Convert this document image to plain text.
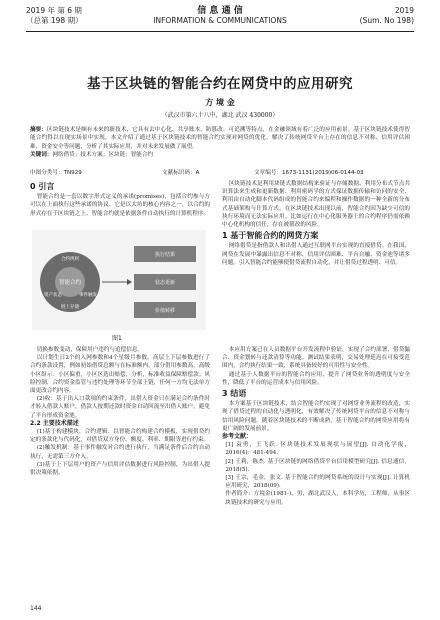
2019 年 第 6 期
（总第 198 期）
信 息 通 信
INFORMATION & COMMUNICATIONS
2019
(Sum. No 198)
基于区块链的智能合约在网贷中的应用研究
方 境 金
（武汉市第六十八中，湖北 武汉 430000）
摘要：区块链技术是颇有未来的新技术，它具有去中心化、共享账本、防篡改、可追溯等特点，在金融领域有着广泛的应用前景。基于区块链技术使得智能合约得以在现实场景中实现。本文介绍了通过基于区块链技术的智能合约实现对网贷的优化，解决了传统网贷平台上存在的信息不对称、信用评估困难、资金安全等问题，分析了其实际应用，并对未来发展做了展望。
关键词：网络借贷；技术方案；区块链；智能合约
中图分类号：TN929	文献标识码：A	文章编号：1673-1131(2019)06-0144-03
0 引言

智能合约是一套以数字形式定义的承诺(promises)，包括合约参与方可以在上面执行这些承诺的协议。它是以太坊的核心内容之一，以合约的形式存在于区块链之上。智能合约就是依据条件自动执行的计算机程序。

智能合约
合约规则
资产状态	事件触发
链上存储
执行结果
状态更新
价值转移
图1

区块链技术是利用块链式数据结构来验证与存储数据、利用分布式节点共识算法来生成和更新数据、利用密码学的方式保证数据传输和访问的安全、利用由自动化脚本代码组成的智能合约来编程和操作数据的一种全新的分布式基础架构与计算方式。在区块链技术出现以前，智能合约因为缺少可信的执行环境而无法实际应用。比如运行在中心化服务器上的合约程序仍需依赖中心化机构的信任，存在被篡改的风险。

1 基于智能合约的网贷方案

网络借贷是指借款人和出借人通过互联网平台实现的直接借贷。在我国，网贷在发展中暴露出信息不对称、信用评估困难、平台自融、资金池等诸多问题。引入智能合约能够使借贷流程自动化，并让借贷过程透明、可信。

切换参数变动，保障用户违约与追偿信息。

以计划生日2个的入网参数和4个星级月参数。高层上下层参数进行了合约条款设置，例如初始借贷总额与在标准额内，部分借用参数高，高级小区组示：小区偏重，小区区选出赔偿，分析，标准收益保障赔偿款；风险控制，合约资金监管与违约处理等环节全部上链，任何一方均无法单方面更改合约内容。

(2)收：基于出入口款项的约束条件，出借人资金只在满足合约条件时才转入借款人账户，借款人按期还款时资金自动回流至出借人账户，避免了平台形成资金池。

2.2 主要技术描述

(1)基于构建模块，合约逻辑：以智能合约构建合约模板，实现借贷约定的条款化与代码化，对借贷双方身份、额度、利率、期限等进行约束。

(2)触发机制：基于事件触发对合约进行执行，当满足条件后合约自动执行，无需第三方介入。

(3)基于上下层用户的资产与信用评估数据进行风险控制，为出借人提供决策依据。

本应用方案已在人员数据平台开发流程中验证，实现了合约部署、借贷撮合、资金划转与还款清算等功能。测试结果表明，交易处理延迟在可接受范围内，合约执行结果一致，系统具备较好的可用性与安全性。

通过基于人数据平台的智能合约应用，提升了网贷业务的透明度与安全性，降低了平台的运营成本与信用风险。

3 结语

本方案基于区块链技术，结合智能合约实现了对网贷业务流程的改造，实现了借贷过程的自动化与透明化，有效解决了传统网贷平台的信息不对称与信用风险问题。随着区块链技术的不断成熟，基于智能合约的网贷应用将有更广阔的发展前景。

参考文献：

[1] 袁勇，王飞跃. 区块链技术发展现状与展望[J]. 自动化学报，2016(4)：481-494.

[2] 王莉，陈杰. 基于区块链的网络借贷平台信用模型研究[J]. 信息通信，2018(5).

[3] 王宗，毛金，张文. 基于智能合约的网贷系统的设计与实现[J]. 计算机应用研究，2018(09).

作者简介：方境金(1981-)，男，湖北武汉人，本科学历，工程师，从事区块链技术的研究与应用。

144
